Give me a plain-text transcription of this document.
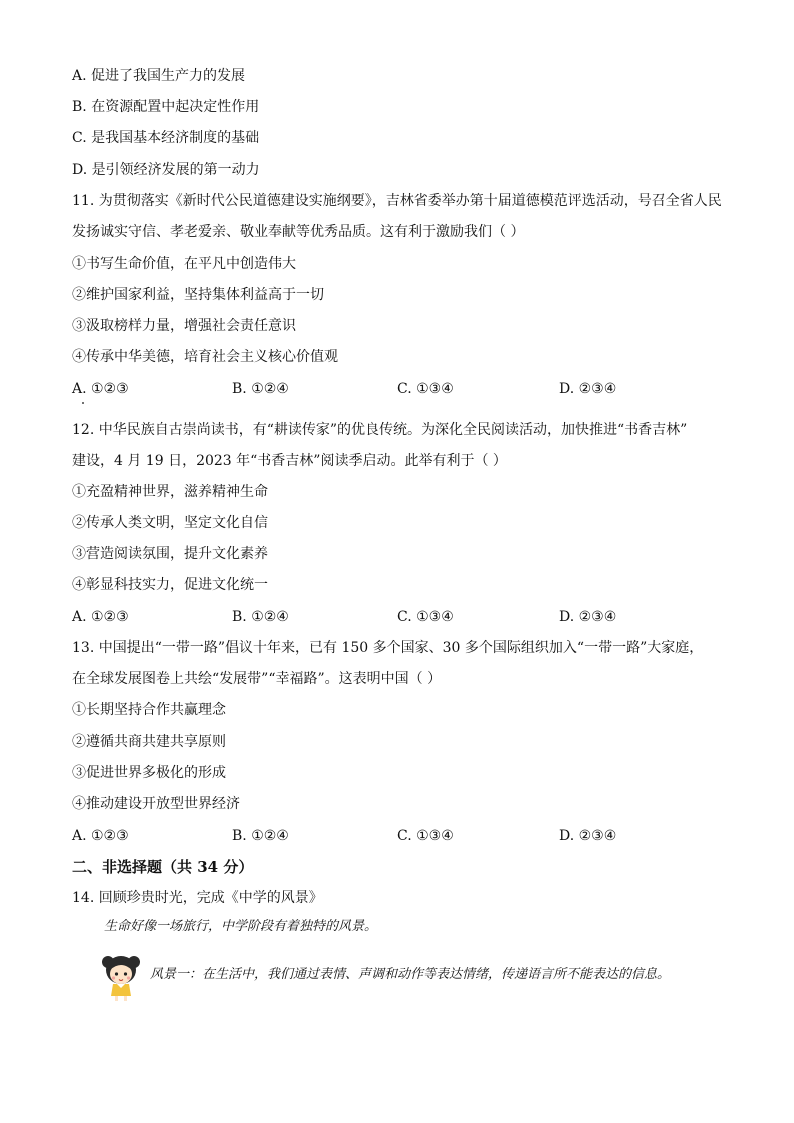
A. 促进了我国生产力的发展
B. 在资源配置中起决定性作用
C. 是我国基本经济制度的基础
D. 是引领经济发展的第一动力
11. 为贯彻落实《新时代公民道德建设实施纲要》，吉林省委举办第十届道德模范评选活动，号召全省人民
发扬诚实守信、孝老爱亲、敬业奉献等优秀品质。这有利于激励我们（ ）
①书写生命价值，在平凡中创造伟大
②维护国家利益，坚持集体利益高于一切
③汲取榜样力量，增强社会责任意识
④传承中华美德，培育社会主义核心价值观
A. ①②③	B. ①②④	C. ①③④	D. ②③④
12. 中华民族自古崇尚读书，有“耕读传家”的优良传统。为深化全民阅读活动，加快推进“书香吉林”
建设，4 月 19 日，2023 年“书香吉林”阅读季启动。此举有利于（ ）
①充盈精神世界，滋养精神生命
②传承人类文明，坚定文化自信
③营造阅读氛围，提升文化素养
④彰显科技实力，促进文化统一
A. ①②③	B. ①②④	C. ①③④	D. ②③④
13. 中国提出“一带一路”倡议十年来，已有 150 多个国家、30 多个国际组织加入“一带一路”大家庭，
在全球发展图卷上共绘“发展带”“幸福路”。这表明中国（ ）
①长期坚持合作共赢理念
②遵循共商共建共享原则
③促进世界多极化的形成
④推动建设开放型世界经济
A. ①②③	B. ①②④	C. ①③④	D. ②③④
二、非选择题（共 34 分）
14. 回顾珍贵时光，完成《中学的风景》
生命好像一场旅行，中学阶段有着独特的风景。
风景一：在生活中，我们通过表情、声调和动作等表达情绪，传递语言所不能表达的信息。
